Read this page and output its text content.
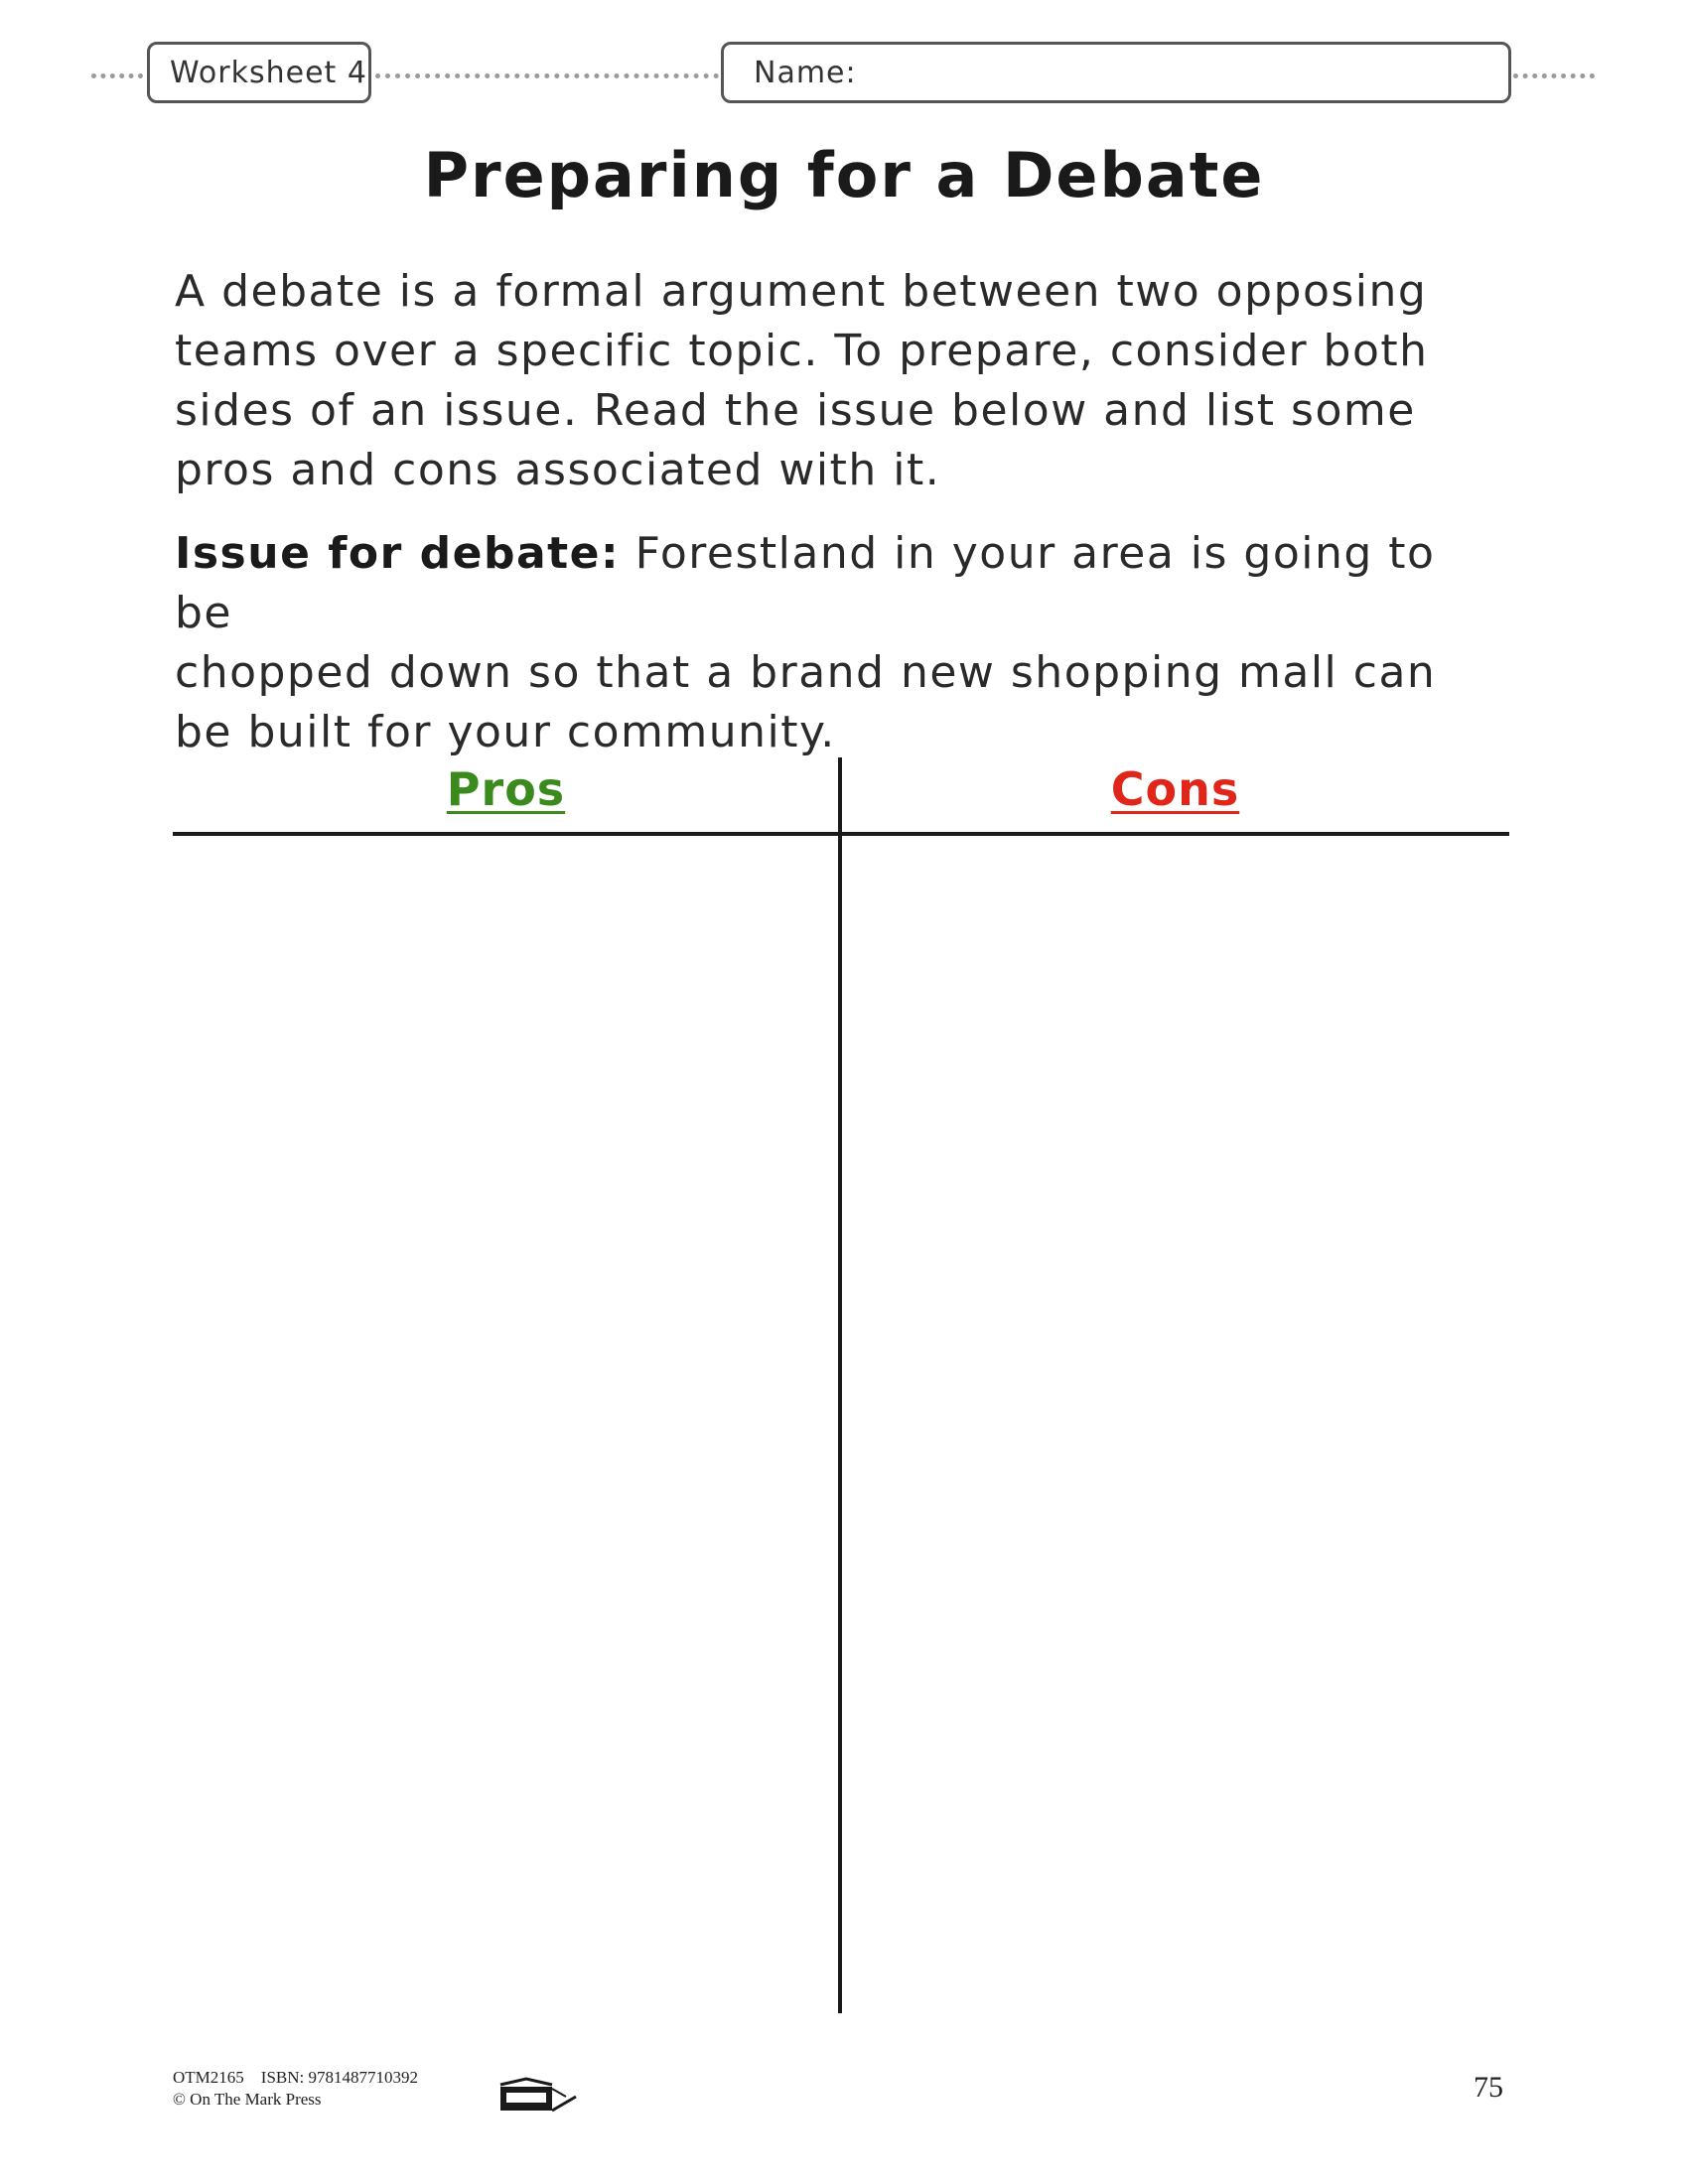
Worksheet 4	Name:
Preparing for a Debate
A debate is a formal argument between two opposing
teams over a specific topic. To prepare, consider both
sides of an issue. Read the issue below and list some
pros and cons associated with it.
Issue for debate: Forestland in your area is going to be
chopped down so that a brand new shopping mall can
be built for your community.
Pros	Cons
OTM2165 ISBN: 9781487710392
© On The Mark Press	75
